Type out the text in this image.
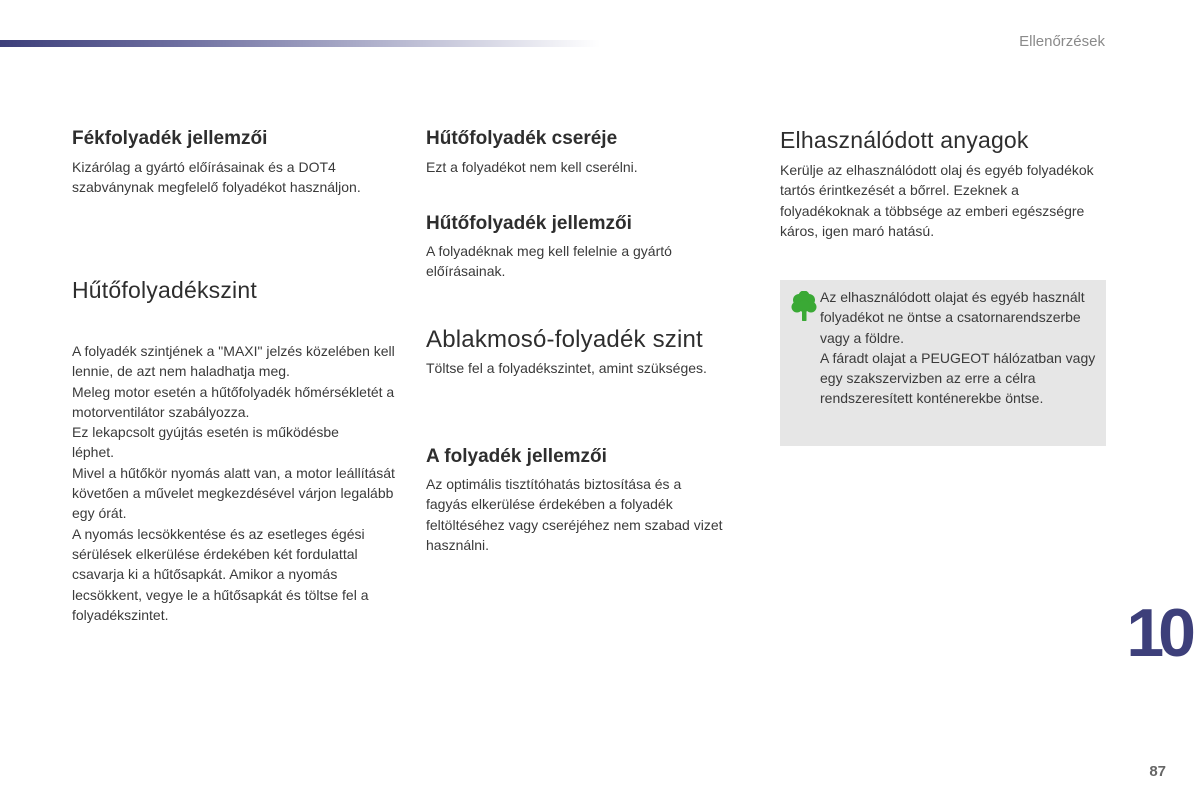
Ellenőrzések
Fékfolyadék jellemzői

Kizárólag a gyártó előírásainak és a DOT4 szabványnak megfelelő folyadékot használjon.

Hűtőfolyadékszint
A folyadék szintjének a "MAXI" jelzés közelében kell lennie, de azt nem haladhatja meg.
Meleg motor esetén a hűtőfolyadék hőmérsékletét a motorventilátor szabályozza.
Ez lekapcsolt gyújtás esetén is működésbe léphet.
Mivel a hűtőkör nyomás alatt van, a motor leállítását követően a művelet megkezdésével várjon legalább egy órát.
A nyomás lecsökkentése és az esetleges égési sérülések elkerülése érdekében két fordulattal csavarja ki a hűtősapkát. Amikor a nyomás lecsökkent, vegye le a hűtősapkát és töltse fel a folyadékszintet.
Hűtőfolyadék cseréje

Ezt a folyadékot nem kell cserélni.

Hűtőfolyadék jellemzői

A folyadéknak meg kell felelnie a gyártó előírásainak.

Ablakmosó-folyadék szint

Töltse fel a folyadékszintet, amint szükséges.

A folyadék jellemzői

Az optimális tisztítóhatás biztosítása és a fagyás elkerülése érdekében a folyadék feltöltéséhez vagy cseréjéhez nem szabad vizet használni.

Elhasználódott anyagok

Kerülje az elhasználódott olaj és egyéb folyadékok tartós érintkezését a bőrrel. Ezeknek a folyadékoknak a többsége az emberi egészségre káros, igen maró hatású.

Az elhasználódott olajat és egyéb használt folyadékot ne öntse a csatornarendszerbe vagy a földre.
A fáradt olajat a PEUGEOT hálózatban vagy egy szakszervizben az erre a célra rendszeresített konténerekbe öntse.
10
87
